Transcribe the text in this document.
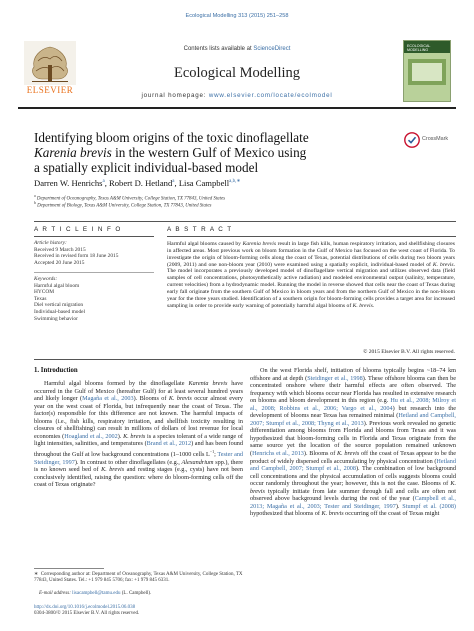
Ecological Modelling 313 (2015) 251–258
ELSEVIER
Contents lists available at ScienceDirect
Ecological Modelling
journal homepage: www.elsevier.com/locate/ecolmodel
ECOLOGICAL MODELLING
Identifying bloom origins of the toxic dinoflagellate
Karenia brevis in the western Gulf of Mexico using
a spatially explicit individual-based model
CrossMark
Darren W. Henrichs$^a$, Robert D. Hetland$^a$, Lisa Campbell$^{a,b,∗}$
$^a$ Department of Oceanography, Texas A&M University, College Station, TX 77843, United States
$^b$ Department of Biology, Texas A&M University, College Station, TX 77843, United States
A R T I C L E I N F O
Article history:
Received 9 March 2015
Received in revised form 18 June 2015
Accepted 20 June 2015
Keywords:
Harmful algal bloom
HYCOM
Texas
Diel vertical migration
Individual-based model
Swimming behavior
A B S T R A C T
Harmful algal blooms caused by Karenia brevis result in large fish kills, human respiratory irritation, and shellfishing closures in affected areas. Most previous work on bloom formation in the Gulf of Mexico has focused on the west coast of Florida. To investigate the origin of bloom-forming cells along the coast of Texas, potential distributions of cells during two bloom years (2009, 2011) and one non-bloom year (2010) were examined using a spatially explicit, individual-based model of K. brevis. The model incorporates a previously developed model of dinoflagellate vertical migration and utilizes observed data (field samples of cell concentrations, photosynthetically active radiation) and modeled environmental output (salinity, temperature, current velocities) from a hydrodynamic model. Running the model in reverse showed that cells near the coast of Texas during early fall originate from the southern Gulf of Mexico in bloom years and from the northern Gulf of Mexico in the non-bloom year for the three years studied. Identification of a southern origin for bloom-forming cells provides a target area for increased sampling in order to provide early warning of potentially harmful algal blooms of K. brevis.
© 2015 Elsevier B.V. All rights reserved.
1. Introduction
Harmful algal blooms formed by the dinoflagellate Karenia brevis have occurred in the Gulf of Mexico (hereafter Gulf) for at least several hundred years and likely longer (Magaña et al., 2003). Blooms of K. brevis occur almost every year on the west coast of Florida, but infrequently near the coast of Texas. The factor(s) responsible for this difference are not known. The harmful impacts of blooms (i.e., fish kills, respiratory irritation, and shellfish toxicity resulting in closures of shellfishing) can result in millions of dollars of lost revenue for local economies (Hoagland et al., 2002). K. brevis is a species tolerant of a wide range of light intensities, salinities, and temperatures (Brand et al., 2012) and has been found throughout the Gulf at low background concentrations (1–1000 cells $L^{-1}$; Tester and Steidinger, 1997). In contrast to other dinoflagellates (e.g., Alexandrium spp.), there is no known seed bed of K. brevis and resting stages (e.g., cysts) have not been conclusively identified, raising the question: where do bloom-forming cells off the coast of Texas originate?
∗ Corresponding author at: Department of Oceanography, Texas A&M University, College Station, TX 77843, United States. Tel.: +1 979 845 5706; fax: +1 979 845 6331.
E-mail address: lisacampbell@tamu.edu (L. Campbell).
http://dx.doi.org/10.1016/j.ecolmodel.2015.06.038
0304-3800/© 2015 Elsevier B.V. All rights reserved.
On the west Florida shelf, initiation of blooms typically begins ~18–74 km offshore and at depth (Steidinger et al., 1998). These offshore blooms can then be concentrated onshore where their harmful effects are often observed. The frequency with which blooms occur near Florida has resulted in extensive research on blooms and bloom development in this region (e.g. Hu et al., 2008; Milroy et al., 2008; Robbins et al., 2006; Vargo et al., 2004) but research into the development of blooms near Texas has remained minimal (Hetland and Campbell, 2007; Stumpf et al., 2008; Thyng et al., 2013). Previous work revealed no genetic differentiation among blooms from Florida and blooms from Texas and it was hypothesized that bloom-forming cells in Florida and Texas originate from the same source yet the location of the source population remained unknown (Henrichs et al., 2013). Blooms of K. brevis off the coast of Texas appear to be the product of widely dispersed cells accumulating by physical concentration (Hetland and Campbell, 2007; Stumpf et al., 2008). The combination of low background cell concentrations and the physical accumulation of cells suggests blooms could occur randomly throughout the year; however, this is not the case. Blooms of K. brevis typically initiate from late summer through fall and cells are often not observed above background levels during the rest of the year (Campbell et al., 2013; Magaña et al., 2003; Tester and Steidinger, 1997). Stumpf et al. (2008) hypothesized that blooms of K. brevis occurring off the coast of Texas might
